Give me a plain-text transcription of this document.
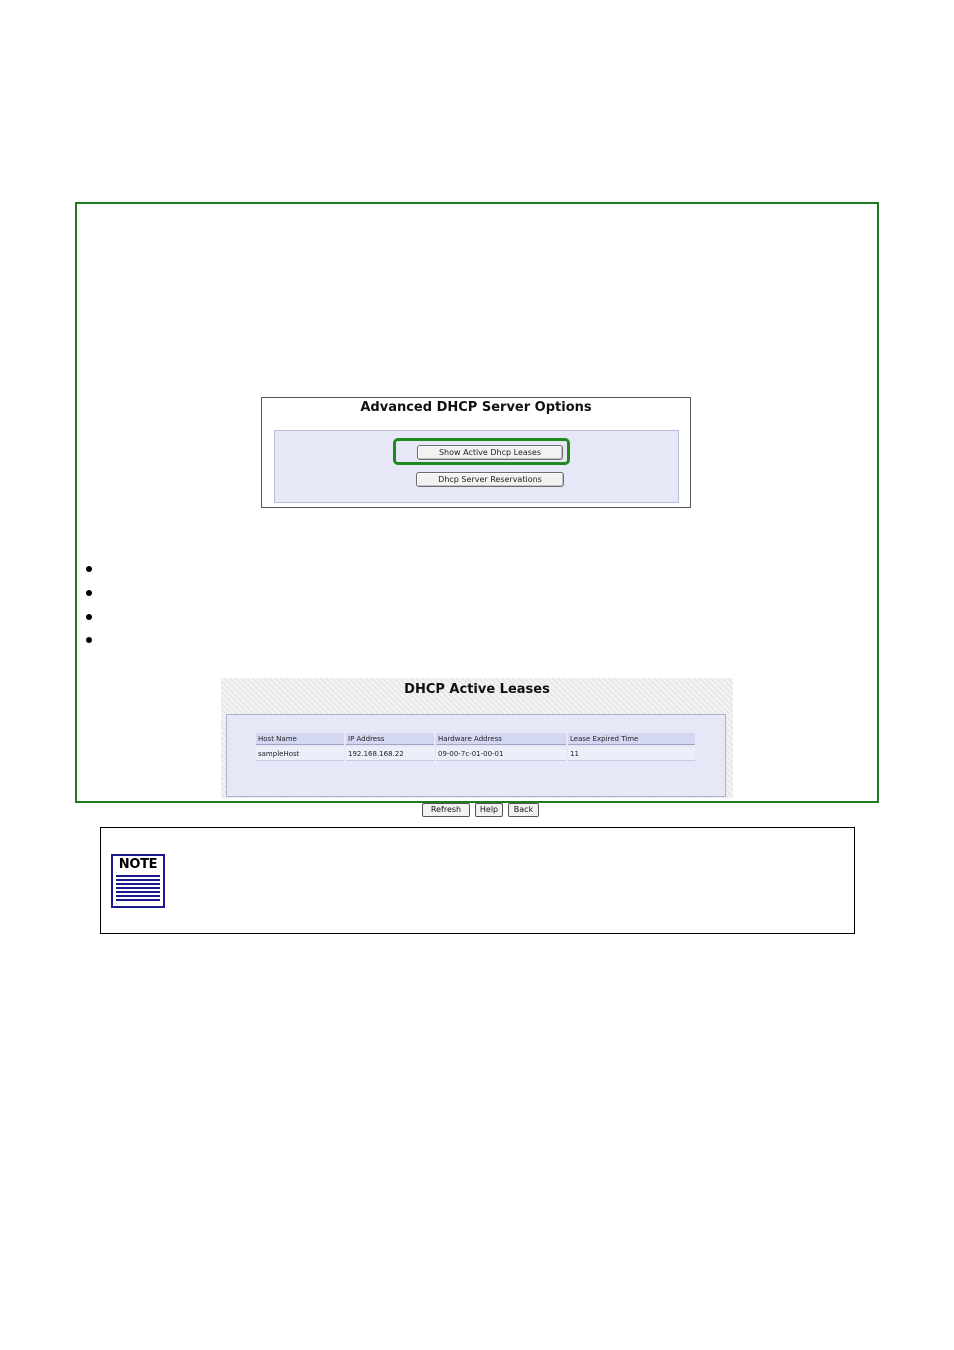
Advanced DHCP Server Options
Show Active Dhcp Leases
Dhcp Server Reservations
DHCP Active Leases
Host Name	IP Address	Hardware Address	Lease Expired Time
sampleHost	192.168.168.22	09-00-7c-01-00-01	11
Refresh	Help	Back
NOTE
